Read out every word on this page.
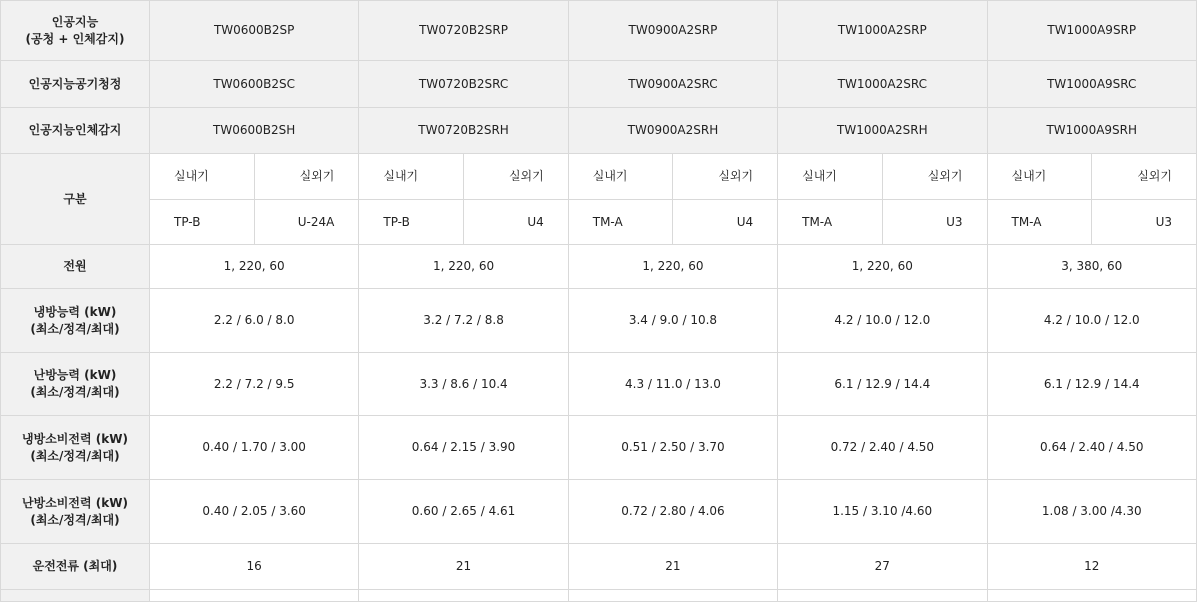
인공지능
(공청 + 인체감지)	TW0600B2SP		TW0720B2SRP		TW0900A2SRP		TW1000A2SRP		TW1000A9SRP	

인공지능공기청정	TW0600B2SC		TW0720B2SRC		TW0900A2SRC		TW1000A2SRC		TW1000A9SRC	

인공지능인체감지	TW0600B2SH		TW0720B2SRH		TW0900A2SRH		TW1000A2SRH		TW1000A9SRH	
구분	실내기	실외기	실내기	실외기	실내기	실외기	실내기	실외기	실내기	실외기
	TP-B	U-24A	TP-B	U4	TM-A	U4	TM-A	U3	TM-A	U3

전원	1, 220, 60		1, 220, 60		1, 220, 60		1, 220, 60		3, 380, 60	

냉방능력 (kW)
(최소/정격/최대)	2.2 / 6.0 / 8.0		3.2 / 7.2 / 8.8		3.4 / 9.0 / 10.8		4.2 / 10.0 / 12.0		4.2 / 10.0 / 12.0	

난방능력 (kW)
(최소/정격/최대)	2.2 / 7.2 / 9.5		3.3 / 8.6 / 10.4		4.3 / 11.0 / 13.0		6.1 / 12.9 / 14.4		6.1 / 12.9 / 14.4	

냉방소비전력 (kW)
(최소/정격/최대)	0.40 / 1.70 / 3.00		0.64 / 2.15 / 3.90		0.51 / 2.50 / 3.70		0.72 / 2.40 / 4.50		0.64 / 2.40 / 4.50	

난방소비전력 (kW)
(최소/정격/최대)	0.40 / 2.05 / 3.60		0.60 / 2.65 / 4.61		0.72 / 2.80 / 4.06		1.15 / 3.10 /4.60		1.08 / 3.00 /4.30	

운전전류 (최대)	16		21		21		27		12	
